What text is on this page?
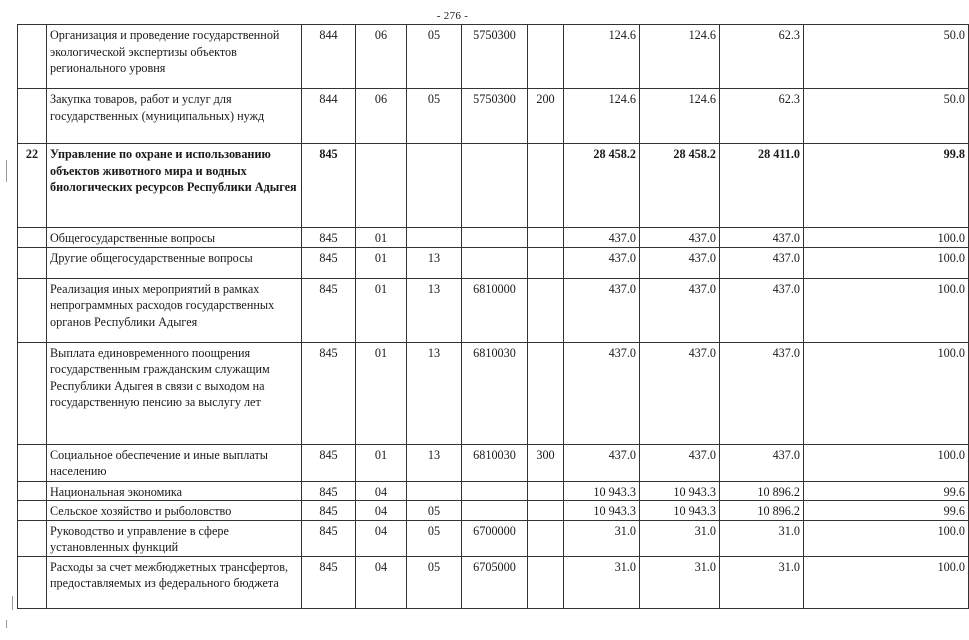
- 276 -
	Организация и проведение государственной экологической экспертизы объектов регионального уровня	844	06	05	5750300		124.6	124.6	62.3	50.0
	Закупка товаров, работ и услуг для государственных (муниципальных) нужд	844	06	05	5750300	200	124.6	124.6	62.3	50.0
22	Управление по охране и использованию объектов животного мира и водных биологических ресурсов Республики Адыгея	845					28 458.2	28 458.2	28 411.0	99.8
	Общегосударственные вопросы	845	01				437.0	437.0	437.0	100.0
	Другие общегосударственные вопросы	845	01	13			437.0	437.0	437.0	100.0
	Реализация иных мероприятий в рамках непрограммных расходов государственных органов Республики Адыгея	845	01	13	6810000		437.0	437.0	437.0	100.0
	Выплата единовременного поощрения государственным гражданским служащим Республики Адыгея в связи с выходом на государственную пенсию за выслугу лет	845	01	13	6810030		437.0	437.0	437.0	100.0
	Социальное обеспечение и иные выплаты населению	845	01	13	6810030	300	437.0	437.0	437.0	100.0
	Национальная экономика	845	04				10 943.3	10 943.3	10 896.2	99.6
	Сельское хозяйство и рыболовство	845	04	05			10 943.3	10 943.3	10 896.2	99.6
	Руководство и управление в сфере установленных функций	845	04	05	6700000		31.0	31.0	31.0	100.0
	Расходы за счет межбюджетных трансфертов, предоставляемых из федерального бюджета	845	04	05	6705000		31.0	31.0	31.0	100.0
